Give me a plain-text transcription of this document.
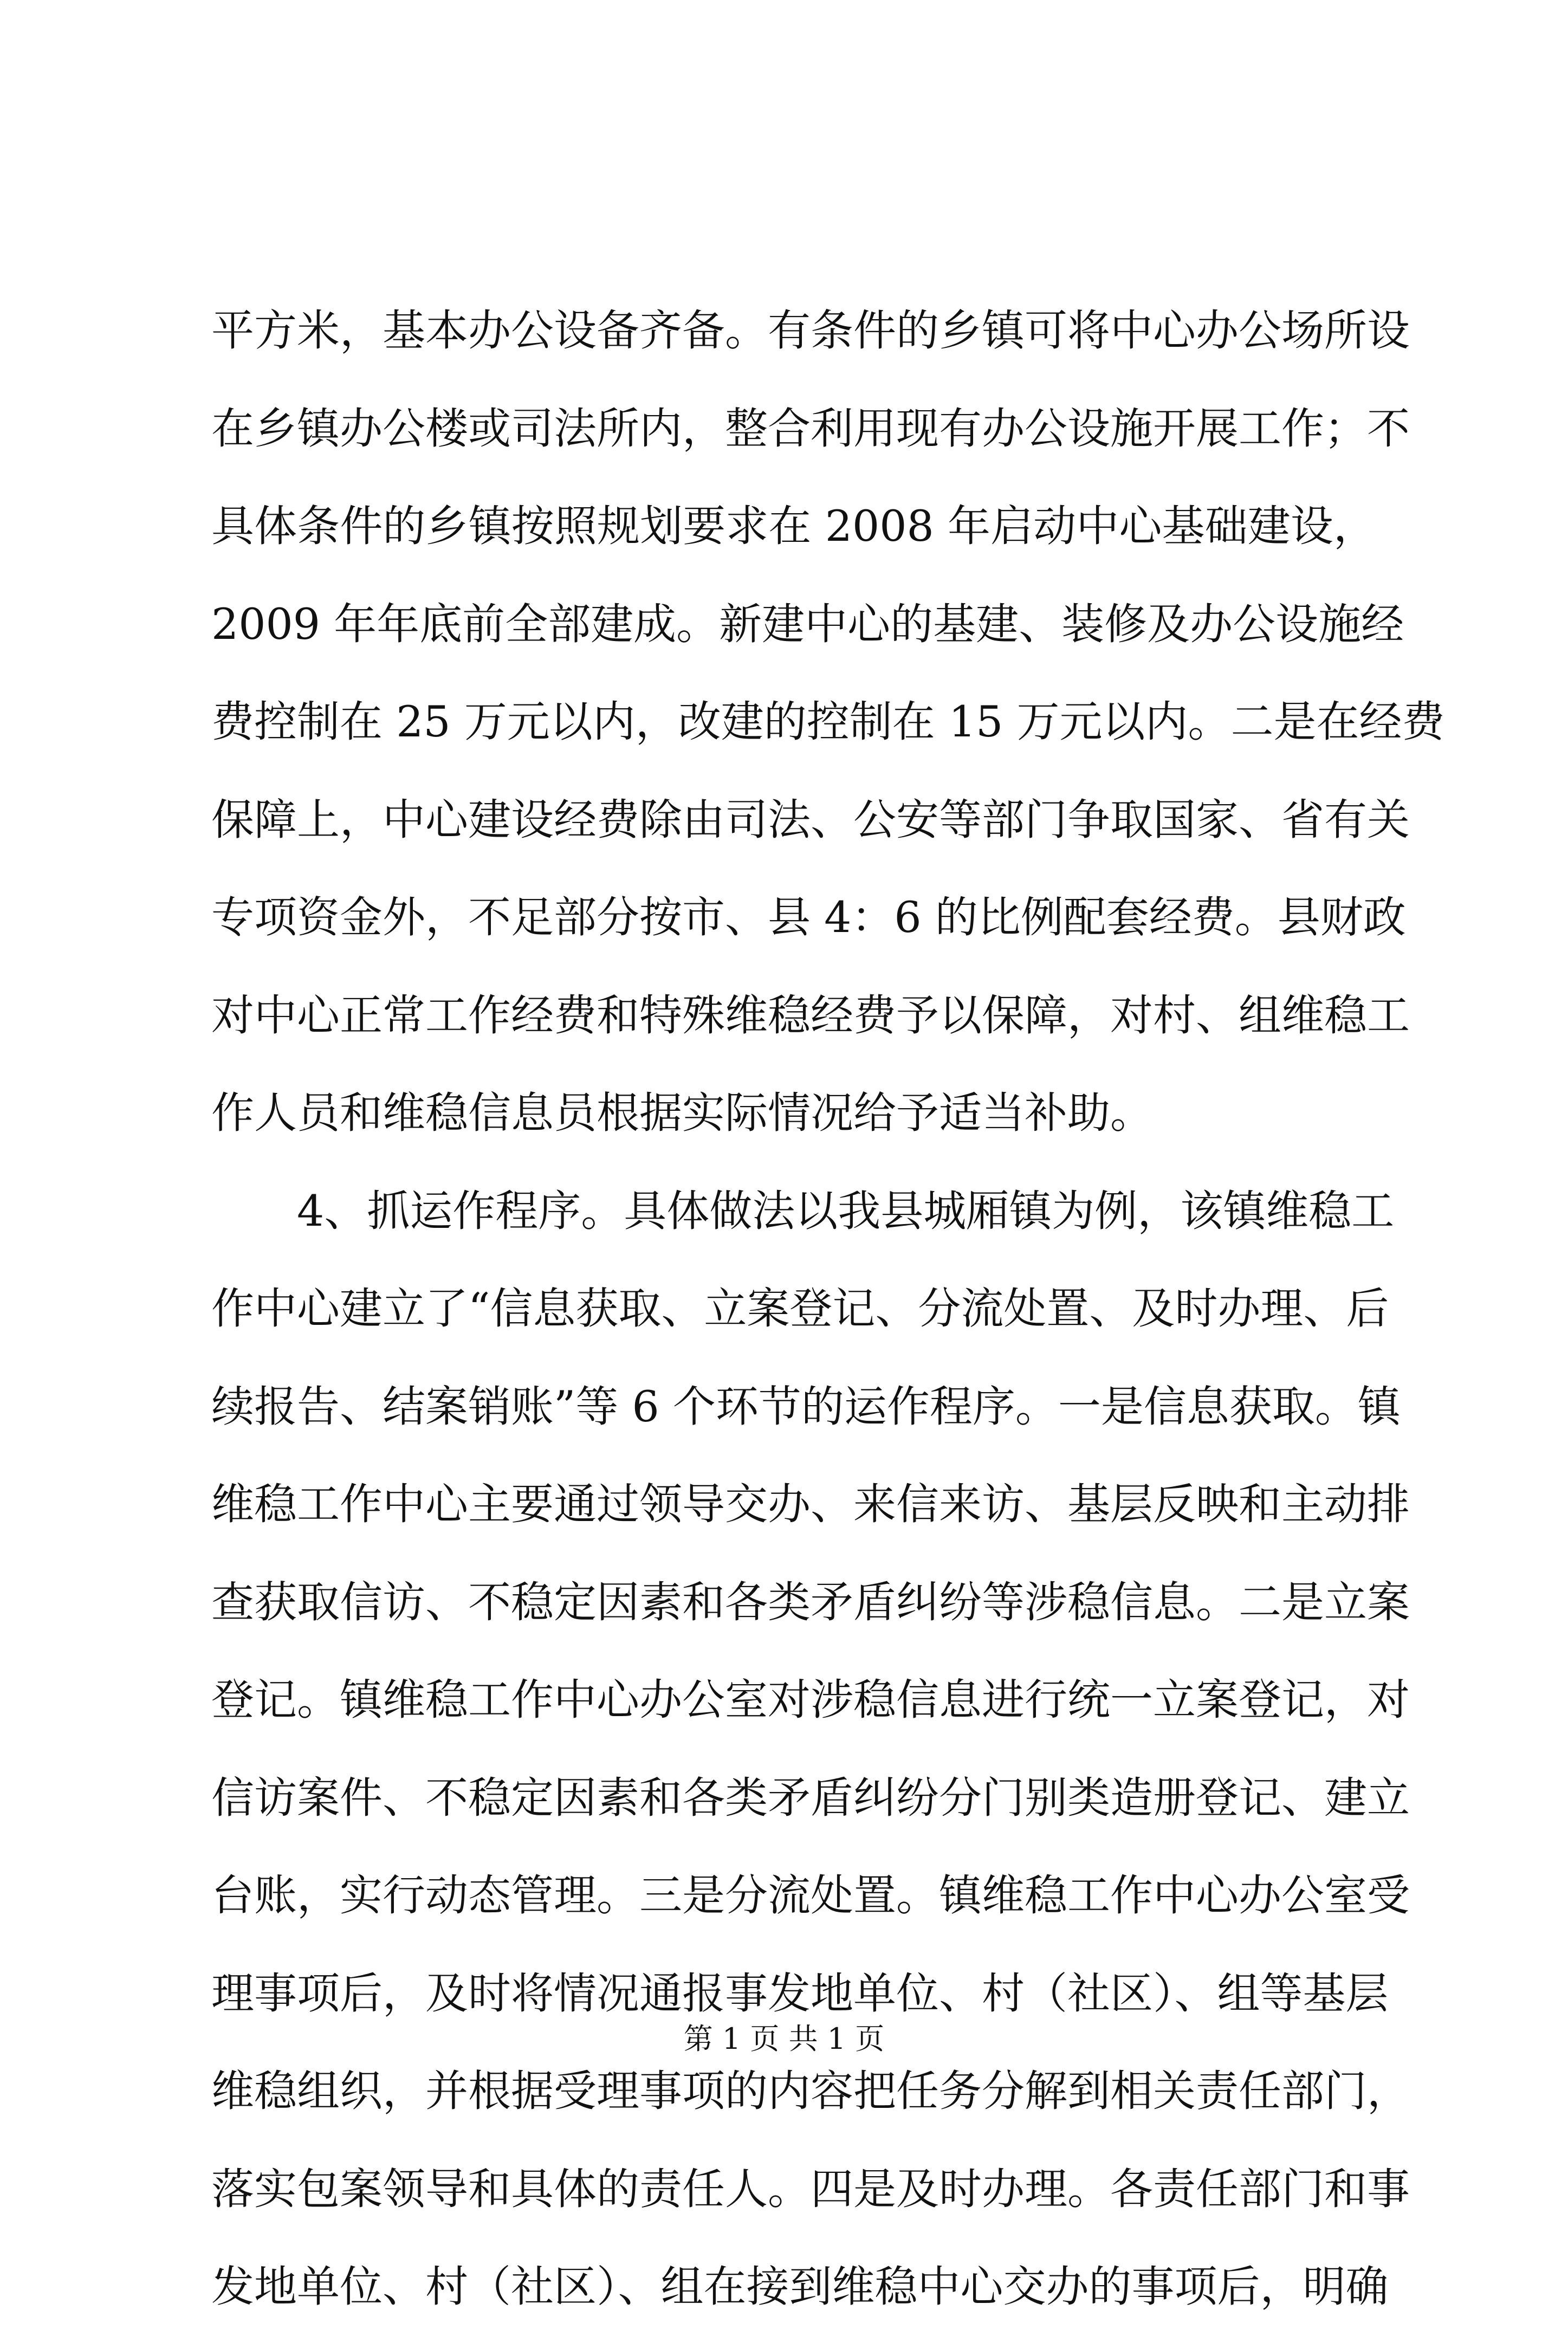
平方米，基本办公设备齐备。有条件的乡镇可将中心办公场所设
在乡镇办公楼或司法所内，整合利用现有办公设施开展工作；不
具体条件的乡镇按照规划要求在 2008 年启动中心基础建设，
2009 年年底前全部建成。新建中心的基建、装修及办公设施经
费控制在 25 万元以内，改建的控制在 15 万元以内。二是在经费
保障上，中心建设经费除由司法、公安等部门争取国家、省有关
专项资金外，不足部分按市、县 4：6 的比例配套经费。县财政
对中心正常工作经费和特殊维稳经费予以保障，对村、组维稳工
作人员和维稳信息员根据实际情况给予适当补助。
　　4、抓运作程序。具体做法以我县城厢镇为例，该镇维稳工
作中心建立了“信息获取、立案登记、分流处置、及时办理、后
续报告、结案销账”等 6 个环节的运作程序。一是信息获取。镇
维稳工作中心主要通过领导交办、来信来访、基层反映和主动排
查获取信访、不稳定因素和各类矛盾纠纷等涉稳信息。二是立案
登记。镇维稳工作中心办公室对涉稳信息进行统一立案登记，对
信访案件、不稳定因素和各类矛盾纠纷分门别类造册登记、建立
台账，实行动态管理。三是分流处置。镇维稳工作中心办公室受
理事项后，及时将情况通报事发地单位、村（社区）、组等基层
维稳组织，并根据受理事项的内容把任务分解到相关责任部门，
落实包案领导和具体的责任人。四是及时办理。各责任部门和事
发地单位、村（社区）、组在接到维稳中心交办的事项后，明确
第 1 页 共 1 页
